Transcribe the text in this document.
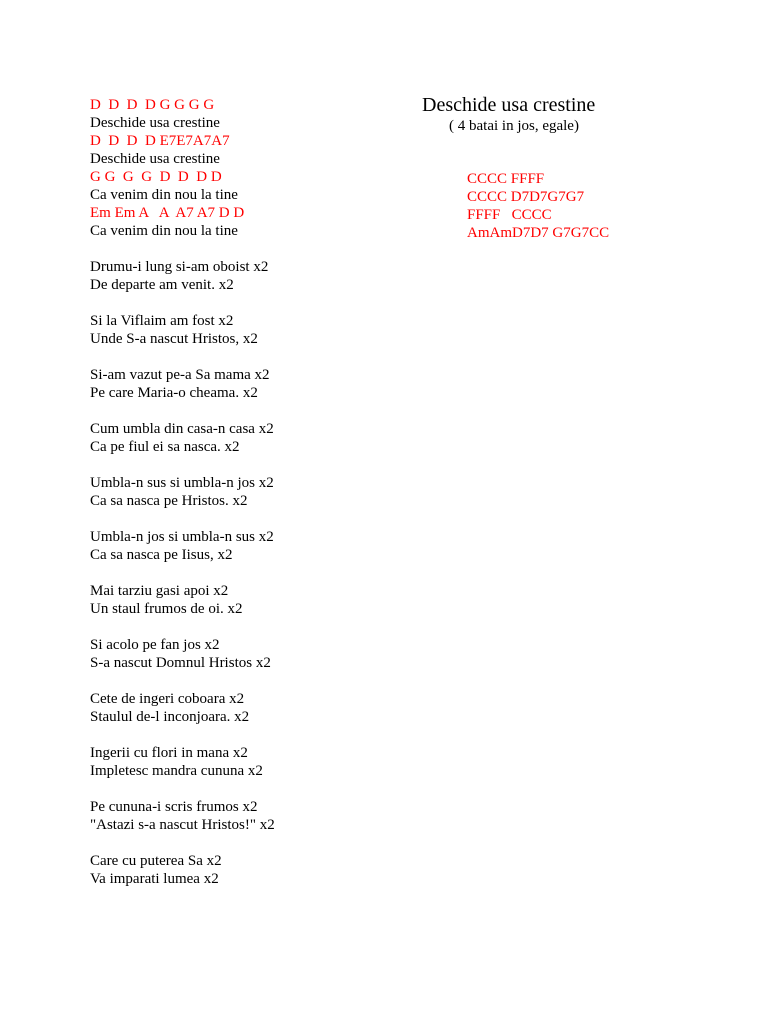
Deschide usa crestine
( 4 batai in jos, egale)
CCCC FFFF
CCCC D7D7G7G7
FFFF   CCCC
AmAmD7D7 G7G7CC
D  D  D  D G G G G
Deschide usa crestine
D  D  D  D E7E7A7A7
Deschide usa crestine
G G  G  G  D  D  D D
Ca venim din nou la tine
Em Em A   A  A7 A7 D D
Ca venim din nou la tine
Drumu-i lung si-am oboist x2
De departe am venit. x2
Si la Viflaim am fost x2
Unde S-a nascut Hristos, x2
Si-am vazut pe-a Sa mama x2
Pe care Maria-o cheama. x2
Cum umbla din casa-n casa x2
Ca pe fiul ei sa nasca. x2
Umbla-n sus si umbla-n jos x2
Ca sa nasca pe Hristos. x2
Umbla-n jos si umbla-n sus x2
Ca sa nasca pe Iisus, x2
Mai tarziu gasi apoi x2
Un staul frumos de oi. x2
Si acolo pe fan jos x2
S-a nascut Domnul Hristos x2
Cete de ingeri coboara x2
Staulul de-l inconjoara. x2
Ingerii cu flori in mana x2
Impletesc mandra cununa x2
Pe cununa-i scris frumos x2
"Astazi s-a nascut Hristos!" x2
Care cu puterea Sa x2
Va imparati lumea x2
